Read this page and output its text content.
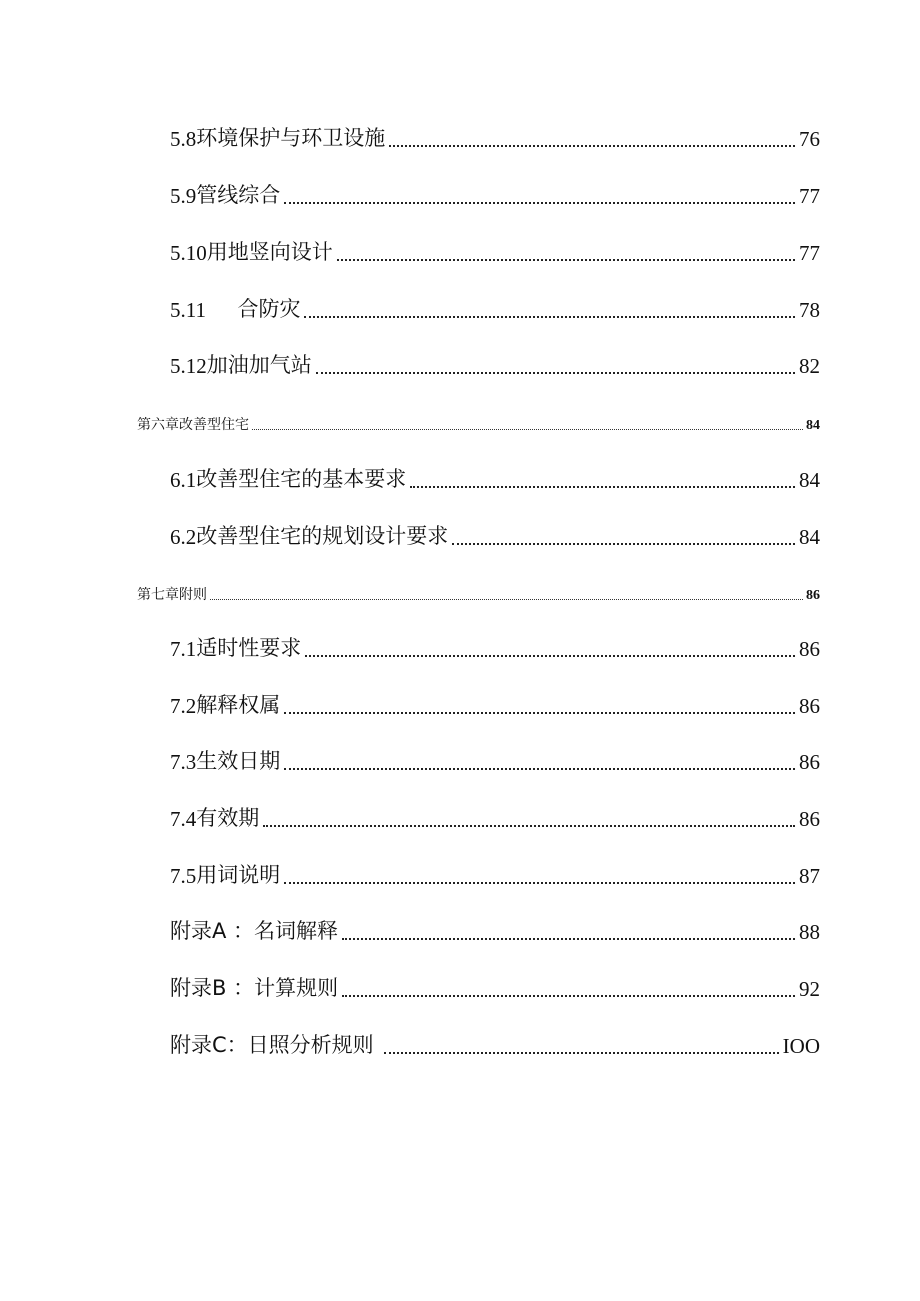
5.8 环境保护与环卫设施	76
5.9 管线综合	77
5.10 用地竖向设计	77
5.11 合防灾	78
5.12 加油加气站	82
第六章改善型住宅	84
6.1 改善型住宅的基本要求	84
6.2 改善型住宅的规划设计要求	84
第七章附则	86
7.1 适时性要求	86
7.2 解释权属	86
7.3 生效日期	86
7.4 有效期	86
7.5 用词说明	87
附录A ：名词解释	88
附录B ：计算规则	92
附录C：日照分析规则	IOO
